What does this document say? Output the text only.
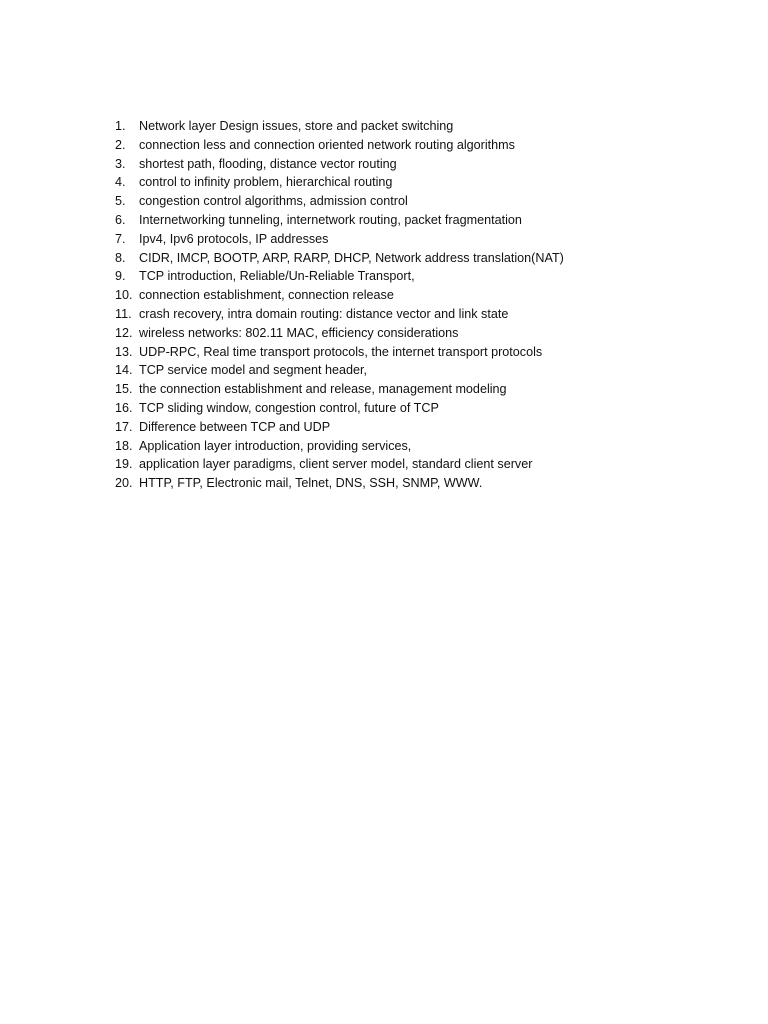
1.	Network layer Design issues, store and packet switching
2.	connection less and connection oriented network routing algorithms
3.	shortest path, flooding, distance vector routing
4.	control to infinity problem, hierarchical routing
5.	congestion control algorithms, admission control
6.	Internetworking tunneling, internetwork routing, packet fragmentation
7.	Ipv4, Ipv6 protocols, IP addresses
8.	CIDR, IMCP, BOOTP, ARP, RARP, DHCP, Network address translation(NAT)
9.	TCP introduction, Reliable/Un-Reliable Transport,
10. connection establishment, connection release
11. crash recovery, intra domain routing: distance vector and link state
12. wireless networks: 802.11 MAC, efficiency considerations
13. UDP-RPC, Real time transport protocols, the internet transport protocols
14. TCP service model and segment header,
15. the connection establishment and release, management modeling
16. TCP sliding window, congestion control, future of TCP
17. Difference between TCP and UDP
18. Application layer introduction, providing services,
19. application layer paradigms, client server model, standard client server
20. HTTP, FTP, Electronic mail, Telnet, DNS, SSH, SNMP, WWW.
